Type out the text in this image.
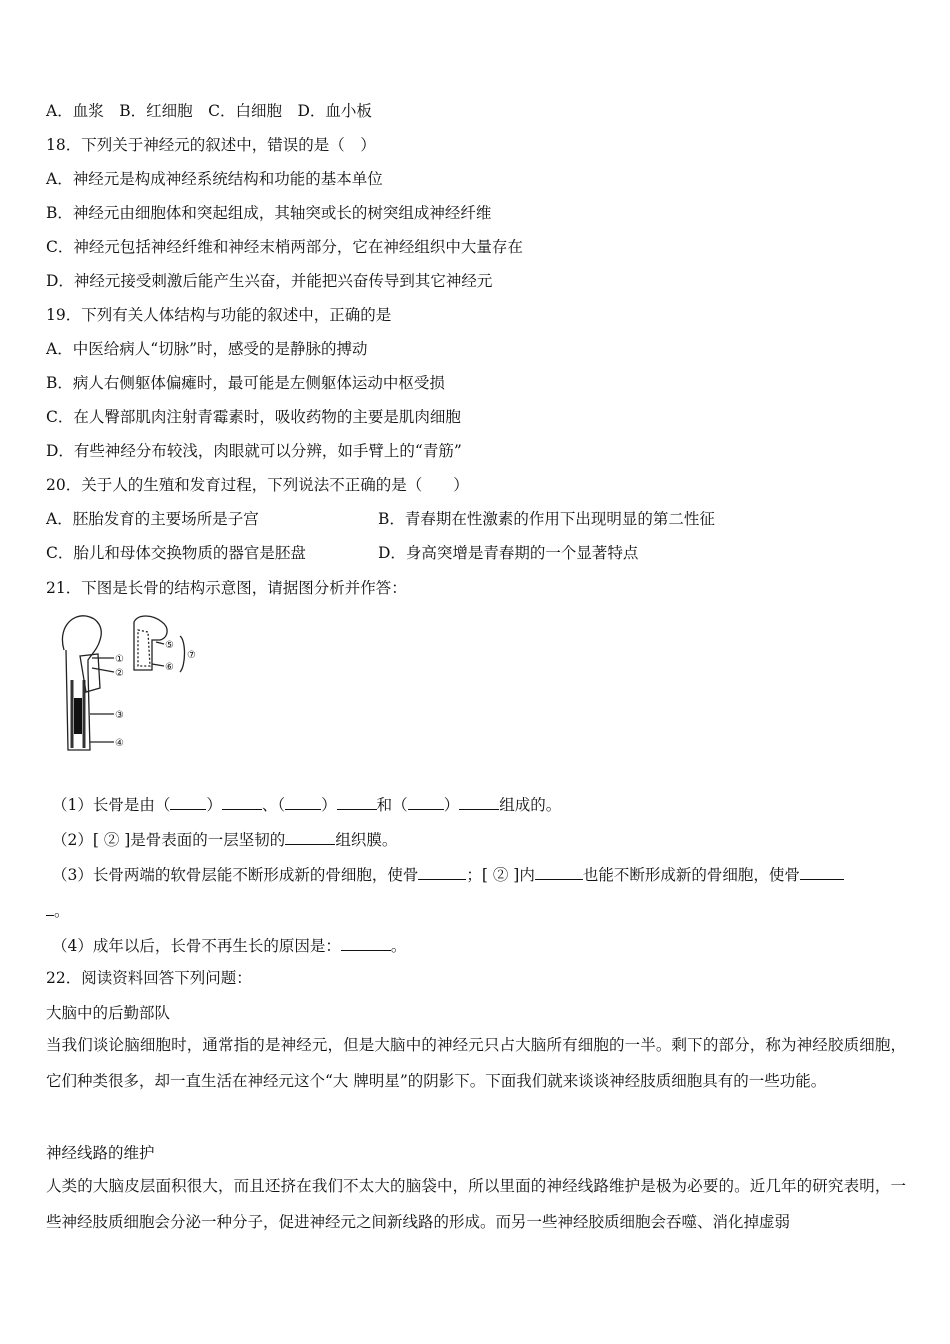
A．血浆　B．红细胞　C．白细胞　D．血小板
18．下列关于神经元的叙述中，错误的是（　）
A．神经元是构成神经系统结构和功能的基本单位
B．神经元由细胞体和突起组成，其轴突或长的树突组成神经纤维
C．神经元包括神经纤维和神经末梢两部分，它在神经组织中大量存在
D．神经元接受刺激后能产生兴奋，并能把兴奋传导到其它神经元
19．下列有关人体结构与功能的叙述中，正确的是
A．中医给病人“切脉”时，感受的是静脉的搏动
B．病人右侧躯体偏瘫时，最可能是左侧躯体运动中枢受损
C．在人臀部肌肉注射青霉素时，吸收药物的主要是肌肉细胞
D．有些神经分布较浅，肉眼就可以分辨，如手臂上的“青筋”
20．关于人的生殖和发育过程，下列说法不正确的是（　　）
A．胚胎发育的主要场所是子宫	B．青春期在性激素的作用下出现明显的第二性征
C．胎儿和母体交换物质的器官是胚盘	D．身高突增是青春期的一个显著特点
21．下图是长骨的结构示意图，请据图分析并作答：
①
②
③
④
⑤
⑥
⑦
（1）长骨是由（ ）	、（ ）	和（ ）	组成的。
（2）[ ② ]是骨表面的一层坚韧的	组织膜。
（3）长骨两端的软骨层能不断形成新的骨细胞，使骨	；[ ② ]内	也能不断形成新的骨细胞，使骨
。
（4）成年以后，长骨不再生长的原因是：	。
22．阅读资料回答下列问题：
大脑中的后勤部队
当我们谈论脑细胞时，通常指的是神经元，但是大脑中的神经元只占大脑所有细胞的一半。剩下的部分，称为神经胶质细胞，它们种类很多，却一直生活在神经元这个“大 牌明星”的阴影下。下面我们就来谈谈神经肢质细胞具有的一些功能。
神经线路的维护
人类的大脑皮层面积很大，而且还挤在我们不太大的脑袋中，所以里面的神经线路维护是极为必要的。近几年的研究表明，一些神经肢质细胞会分泌一种分子，促进神经元之间新线路的形成。而另一些神经胶质细胞会吞噬、消化掉虚弱
